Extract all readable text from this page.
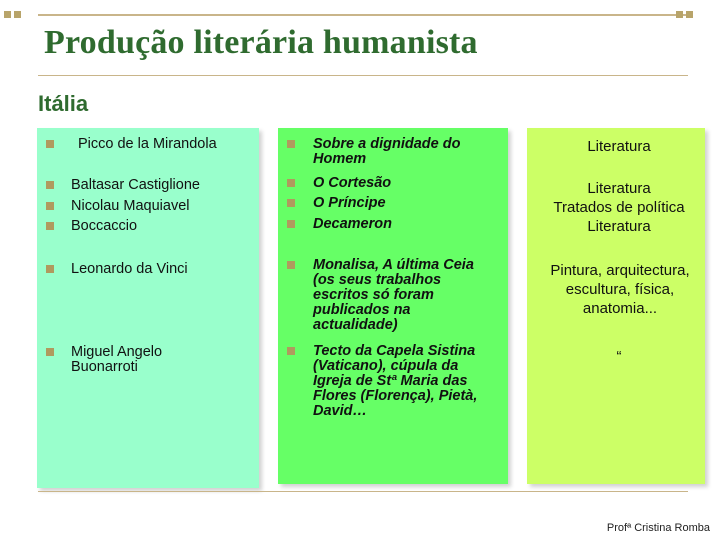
Produção literária humanista
Itália
Picco de la Mirandola
Baltasar Castiglione
Nicolau Maquiavel
Boccaccio
Leonardo da Vinci
Miguel Angelo Buonarroti
Sobre a dignidade do Homem
O Cortesão
O Príncipe
Decameron
Monalisa, A última Ceia (os seus trabalhos escritos só foram publicados na actualidade)
Tecto da Capela Sistina (Vaticano), cúpula da Igreja de Stª Maria das Flores (Florença), Pietà, David…
Literatura
Literatura
Tratados de política
Literatura
Pintura, arquitectura, escultura, física, anatomia...
“
Profª Cristina Romba
